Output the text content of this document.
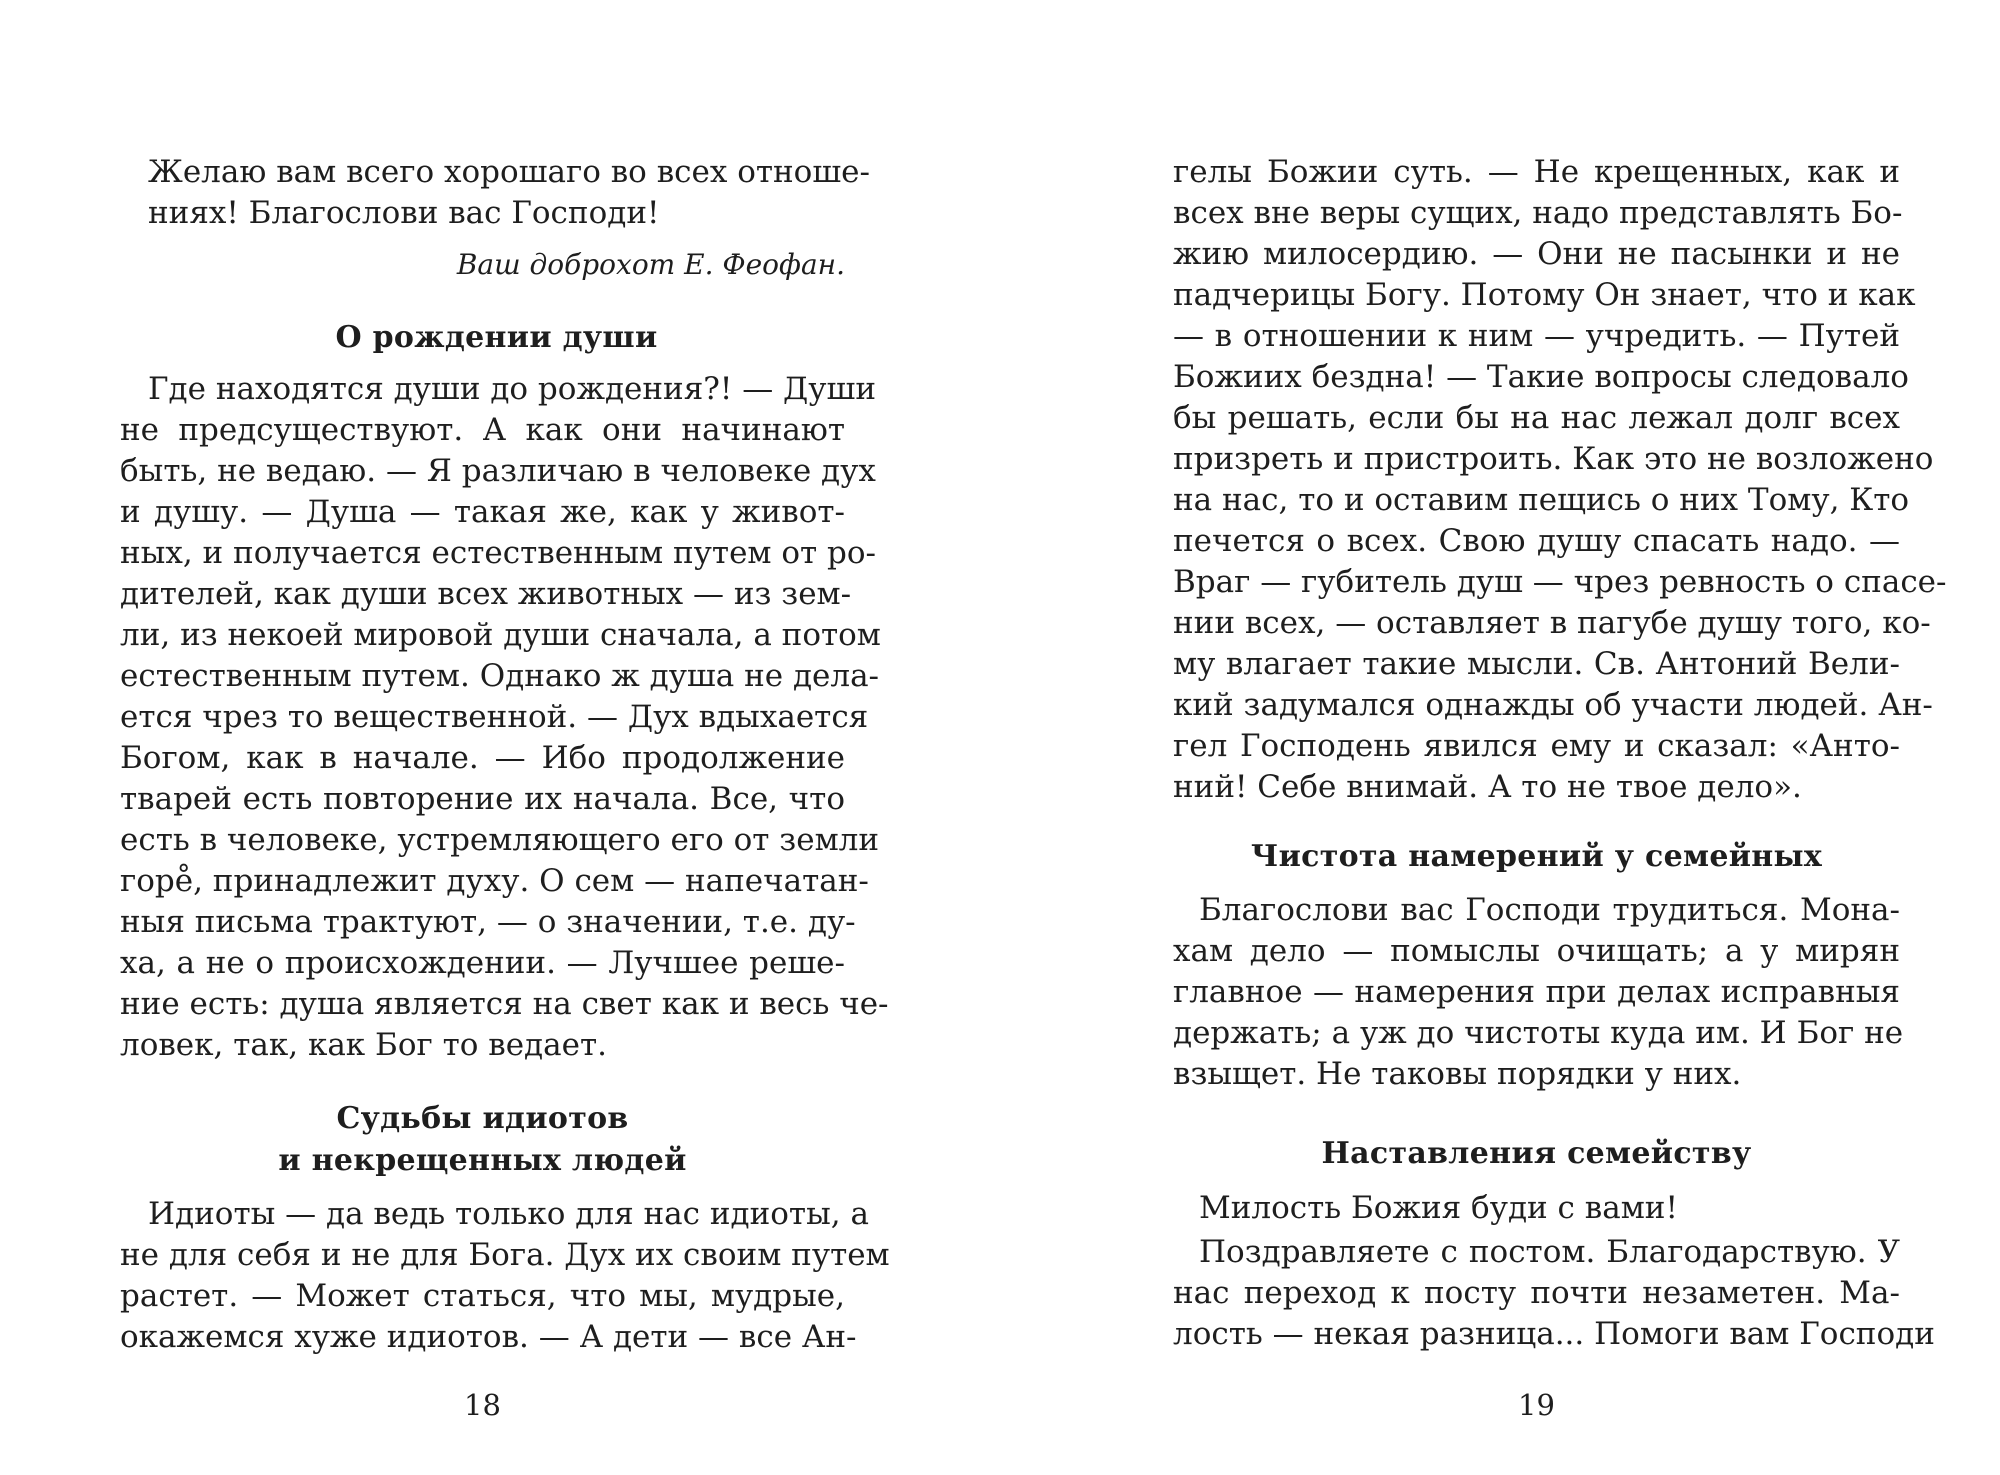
Желаю вам всего хорошаго во всех отноше-
ниях! Благослови вас Господи!
Ваш доброхот Е. Феофан.
О рождении души
Где находятся души до рождения?! — Души
не предсуществуют. А как они начинают
быть, не ведаю. — Я различаю в человеке дух
и душу. — Душа — такая же, как у живот-
ных, и получается естественным путем от ро-
дителей, как души всех животных — из зем-
ли, из некоей мировой души сначала, а потом
естественным путем. Однако ж душа не дела-
ется чрез то вещественной. — Дух вдыхается
Богом, как в начале. — Ибо продолжение
тварей есть повторение их начала. Все, что
есть в человеке, устремляющего его от земли
горе̊, принадлежит духу. О сем — напечатан-
ныя письма трактуют, — о значении, т.е. ду-
ха, а не о происхождении. — Лучшее реше-
ние есть: душа является на свет как и весь че-
ловек, так, как Бог то ведает.
Судьбы идиотов
и некрещенных людей
Идиоты — да ведь только для нас идиоты, а
не для себя и не для Бога. Дух их своим путем
растет. — Может статься, что мы, мудрые,
окажемся хуже идиотов. — А дети — все Ан-
18
гелы Божии суть. — Не крещенных, как и
всех вне веры сущих, надо представлять Бо-
жию милосердию. — Они не пасынки и не
падчерицы Богу. Потому Он знает, что и как
— в отношении к ним — учредить. — Путей
Божиих бездна! — Такие вопросы следовало
бы решать, если бы на нас лежал долг всех
призреть и пристроить. Как это не возложено
на нас, то и оставим пещись о них Тому, Кто
печется о всех. Свою душу спасать надо. —
Враг — губитель душ — чрез ревность о спасе-
нии всех, — оставляет в пагубе душу того, ко-
му влагает такие мысли. Св. Антоний Вели-
кий задумался однажды об участи людей. Ан-
гел Господень явился ему и сказал: «Анто-
ний! Себе внимай. А то не твое дело».
Чистота намерений у семейных
Благослови вас Господи трудиться. Мона-
хам дело — помыслы очищать; а у мирян
главное — намерения при делах исправныя
держать; а уж до чистоты куда им. И Бог не
взыщет. Не таковы порядки у них.
Наставления семейству
Милость Божия буди с вами!
Поздравляете с постом. Благодарствую. У
нас переход к посту почти незаметен. Ма-
лость — некая разница... Помоги вам Господи
19
